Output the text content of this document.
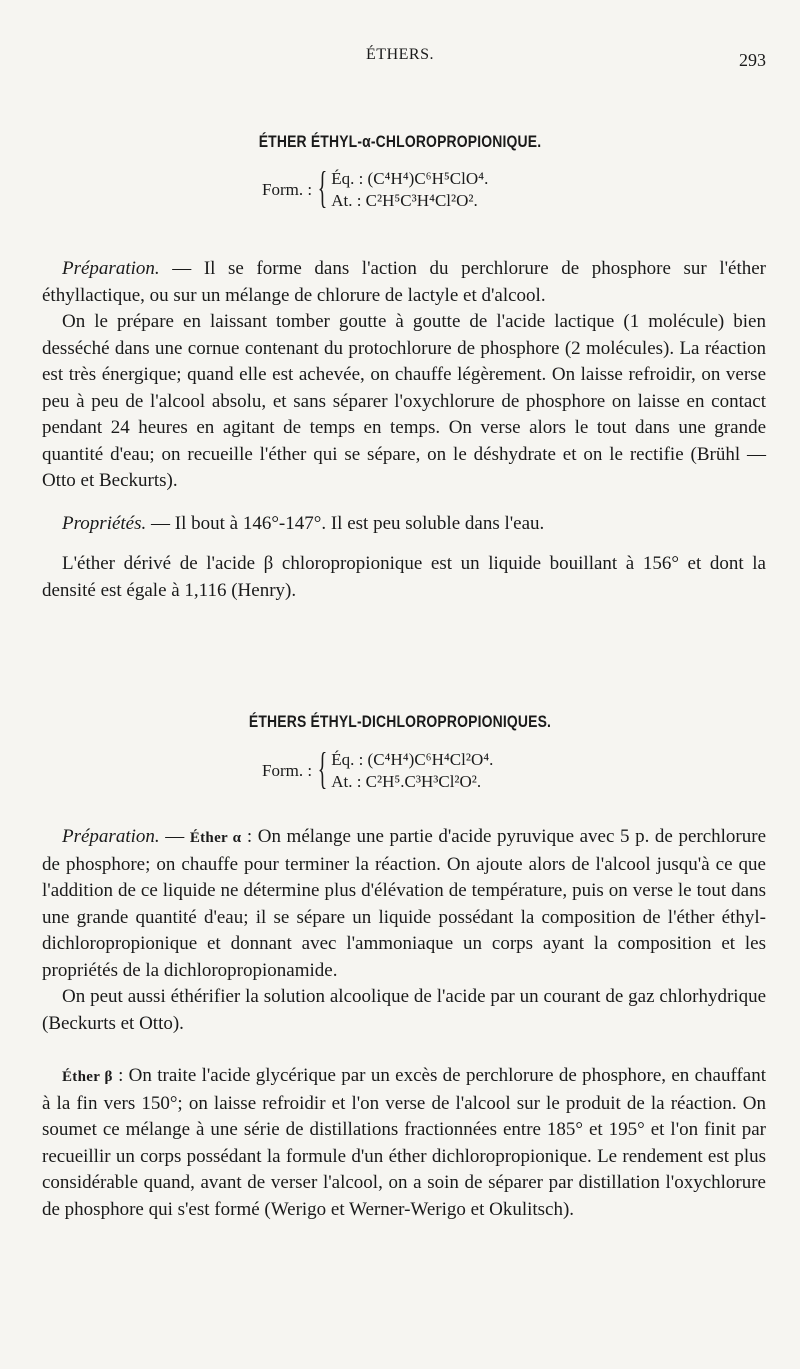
ÉTHERS.	293
ÉTHER ÉTHYL-α-CHLOROPROPIONIQUE.
Form. : { Éq. : (C⁴H⁴)C⁶H⁵ClO⁴.
At. : C²H⁵C³H⁴Cl²O².

Préparation. — Il se forme dans l'action du perchlorure de phosphore sur l'éther éthyllactique, ou sur un mélange de chlorure de lactyle et d'alcool.

On le prépare en laissant tomber goutte à goutte de l'acide lactique (1 molécule) bien desséché dans une cornue contenant du protochlorure de phosphore (2 molécules). La réaction est très énergique; quand elle est achevée, on chauffe légèrement. On laisse refroidir, on verse peu à peu de l'alcool absolu, et sans séparer l'oxychlorure de phosphore on laisse en contact pendant 24 heures en agitant de temps en temps. On verse alors le tout dans une grande quantité d'eau; on recueille l'éther qui se sépare, on le déshydrate et on le rectifie (Brühl — Otto et Beckurts).

Propriétés. — Il bout à 146°-147°. Il est peu soluble dans l'eau.

L'éther dérivé de l'acide β chloropropionique est un liquide bouillant à 156° et dont la densité est égale à 1,116 (Henry).

ÉTHERS ÉTHYL-DICHLOROPROPIONIQUES.
Form. : { Éq. : (C⁴H⁴)C⁶H⁴Cl²O⁴.
At. : C²H⁵.C³H³Cl²O².

Préparation. — Éther α : On mélange une partie d'acide pyruvique avec 5 p. de perchlorure de phosphore; on chauffe pour terminer la réaction. On ajoute alors de l'alcool jusqu'à ce que l'addition de ce liquide ne détermine plus d'élévation de température, puis on verse le tout dans une grande quantité d'eau; il se sépare un liquide possédant la composition de l'éther éthyl-dichloropropionique et donnant avec l'ammoniaque un corps ayant la composition et les propriétés de la dichloropropionamide.

On peut aussi éthérifier la solution alcoolique de l'acide par un courant de gaz chlorhydrique (Beckurts et Otto).

Éther β : On traite l'acide glycérique par un excès de perchlorure de phosphore, en chauffant à la fin vers 150°; on laisse refroidir et l'on verse de l'alcool sur le produit de la réaction. On soumet ce mélange à une série de distillations fractionnées entre 185° et 195° et l'on finit par recueillir un corps possédant la formule d'un éther dichloropropionique. Le rendement est plus considérable quand, avant de verser l'alcool, on a soin de séparer par distillation l'oxychlorure de phosphore qui s'est formé (Werigo et Werner-Werigo et Okulitsch).
